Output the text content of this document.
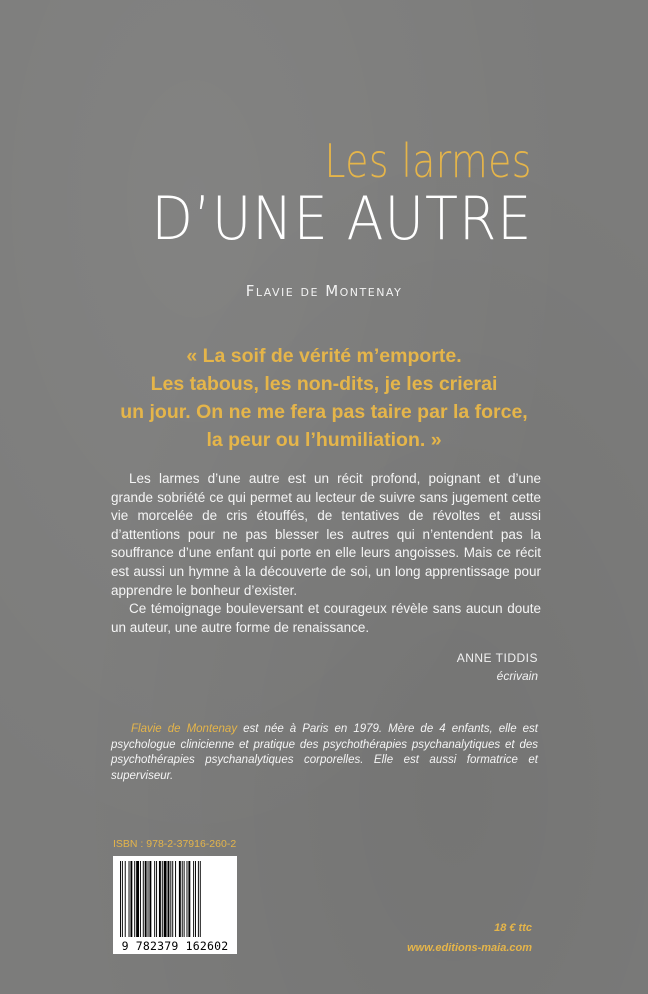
Les larmes
D’UNE AUTRE
Flavie de Montenay
« La soif de vérité m’emporte.
Les tabous, les non-dits, je les crierai
un jour. On ne me fera pas taire par la force,
la peur ou l’humiliation. »

Les larmes d’une autre est un récit profond, poignant et d’une grande sobriété ce qui permet au lecteur de suivre sans jugement cette vie morcelée de cris étouffés, de tentatives de révoltes et aussi d’attentions pour ne pas blesser les autres qui n’entendent pas la souffrance d’une enfant qui porte en elle leurs angoisses. Mais ce récit est aussi un hymne à la découverte de soi, un long apprentissage pour apprendre le bonheur d’exister.

Ce témoignage bouleversant et courageux révèle sans aucun doute un auteur, une autre forme de renaissance.

ANNE TIDDIS
écrivain
Flavie de Montenay est née à Paris en 1979. Mère de 4 enfants, elle est psychologue clinicienne et pratique des psychothérapies psychanalytiques et des psychothérapies psychanalytiques corporelles. Elle est aussi formatrice et superviseur.
ISBN : 978-2-37916-260-2
9 782379 162602
18 € ttc
www.editions-maia.com
